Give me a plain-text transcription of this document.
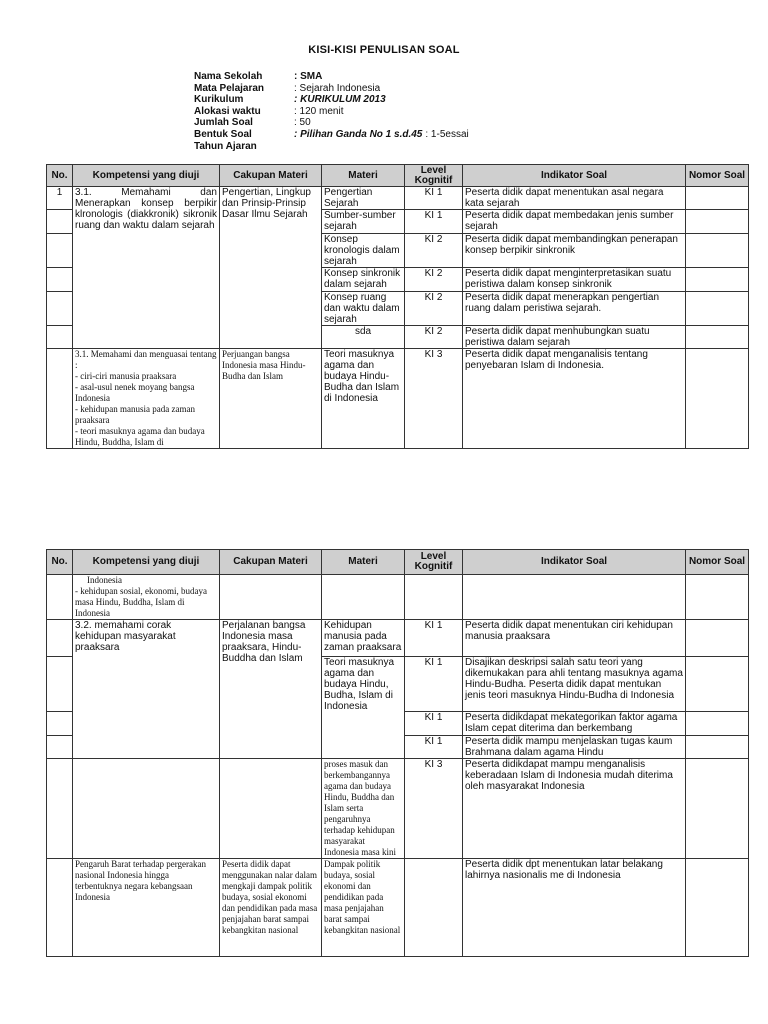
KISI-KISI PENULISAN SOAL
Nama Sekolah	: SMA
Mata Pelajaran	: Sejarah Indonesia
Kurikulum	: KURIKULUM 2013
Alokasi waktu	: 120 menit
Jumlah Soal	: 50
Bentuk Soal	: Pilihan Ganda No 1 s.d.45 : 1-5essai
Tahun Ajaran
No.	Kompetensi yang diuji	Cakupan Materi	Materi	Level Kognitif	Indikator Soal	Nomor Soal
1	3.1. Memahami dan Menerapkan konsep berpikir klronologis (diakkronik) sikronik ruang dan waktu dalam sejarah	Pengertian, Lingkup dan Prinsip-Prinsip Dasar Ilmu Sejarah	Pengertian Sejarah	KI 1	Peserta didik dapat menentukan asal negara kata sejarah	
			Sumber-sumber sejarah	KI 1	Peserta didik dapat membedakan jenis sumber sejarah	
			Konsep kronologis dalam sejarah	KI 2	Peserta didik dapat membandingkan penerapan konsep berpikir sinkronik	
			Konsep sinkronik dalam sejarah	KI 2	Peserta didik dapat menginterpretasikan suatu peristiwa dalam konsep sinkronik	
			Konsep ruang dan waktu dalam sejarah	KI 2	Peserta didik dapat menerapkan pengertian ruang dalam peristiwa sejarah.	
			sda	KI 2	Peserta didik dapat menhubungkan suatu peristiwa dalam sejarah	

	3.1. Memahami dan menguasai tentang :
- ciri-ciri manusia praaksara
- asal-usul nenek moyang bangsa Indonesia
- kehidupan manusia pada zaman praaksara
- teori masuknya agama dan budaya Hindu, Buddha, Islam di	Perjuangan bangsa Indonesia masa Hindu-Budha dan Islam	Teori masuknya agama dan budaya Hindu-Budha dan Islam di Indonesia	KI 3	Peserta didik dapat menganalisis tentang penyebaran Islam di Indonesia.	
No.	Kompetensi yang diuji	Cakupan Materi	Materi	Level Kognitif	Indikator Soal	Nomor Soal

	Indonesia
- kehidupan sosial, ekonomi, budaya masa Hindu, Buddha, Islam di Indonesia					

	3.2. memahami corak kehidupan masyarakat praaksara	Perjalanan bangsa Indonesia masa praaksara, Hindu-Buddha dan Islam	Kehidupan manusia pada zaman praaksara	KI 1	Peserta didik dapat menentukan ciri kehidupan manusia praaksara	
			Teori masuknya agama dan budaya Hindu, Budha, Islam di Indonesia	KI 1	Disajikan deskripsi salah satu teori yang dikemukakan para ahli tentang masuknya agama Hindu-Budha. Peserta didik dapat mentukan jenis teori masuknya Hindu-Budha di Indonesia	
				KI 1	Peserta didikdapat mekategorikan faktor agama Islam cepat diterima dan berkembang	
				KI 1	Peserta didik mampu menjelaskan tugas kaum Brahmana dalam agama Hindu	
			proses masuk dan berkembangannya agama dan budaya Hindu, Buddha dan Islam serta pengaruhnya terhadap kehidupan masyarakat Indonesia masa kini	KI 3	Peserta didikdapat mampu menganalisis keberadaan Islam di Indonesia mudah diterima oleh masyarakat Indonesia	
	Pengaruh Barat terhadap pergerakan nasional Indonesia hingga terbentuknya negara kebangsaan Indonesia	Peserta didik dapat menggunakan nalar dalam mengkaji dampak politik budaya, sosial ekonomi dan pendidikan pada masa penjajahan barat sampai kebangkitan nasional	Dampak politik budaya, sosial ekonomi dan pendidikan pada masa penjajahan barat sampai kebangkitan nasional		Peserta didik dpt menentukan latar belakang lahirnya nasionalis me di Indonesia	
